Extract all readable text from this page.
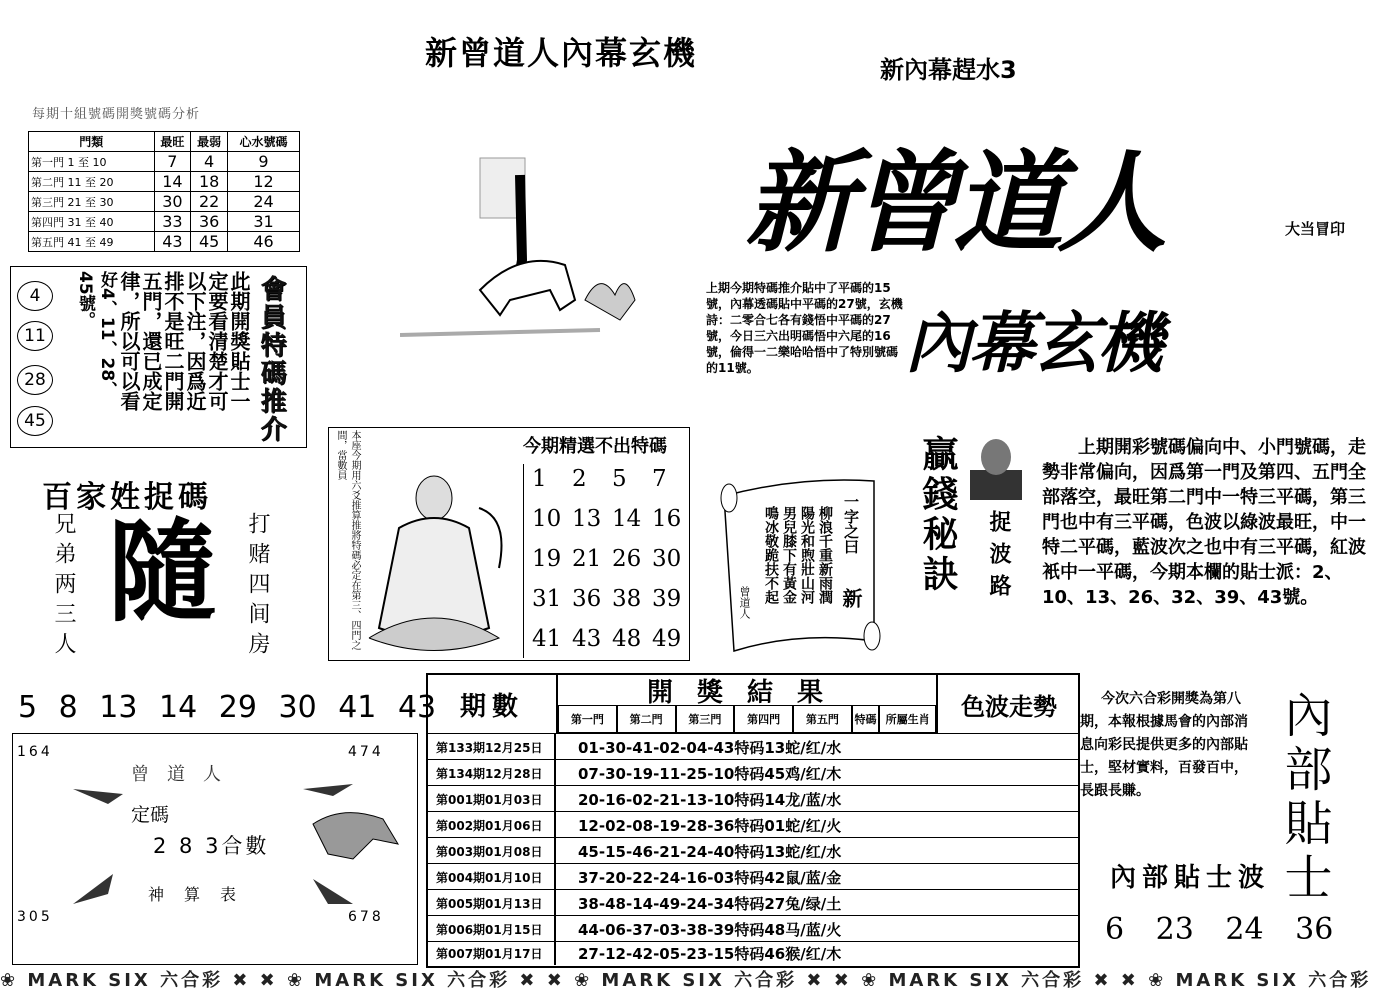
新曾道人內幕玄機	新內幕趕水3
每期十組號碼開獎號碼分析
門類	最旺	最弱	心水號碼
第一門 1 至 10	7	4	9
第二門 11 至 20	14	18	12
第三門 21 至 30	30	22	24
第四門 31 至 40	33	36	31
第五門 41 至 49	43	45	46
4
11
28
45
此期開獎貼士一
定要看清楚才可
以下注，因爲近
排不是旺二門開
五門，還已成定
律，所以可以看
好4、11、28、
45號。	會員特碼推介
百家姓捉碼
隨
兄弟两三人	打赌四间房	本座今期用六爻推算推將特碼必定在第三、四門之間，當數員	今期精選不出特碼
1 2 5 7
10 13 14 16
19 21 26 30
31 36 38 39
41 43 48 49
上期今期特碼推介貼中了平碼的15號，內幕透碼貼中平碼的27號，玄機詩：二零合七各有錢悟中平碼的27號，今日三六出明碼悟中六尾的16號，倫得一二樂哈哈悟中了特別號碼的11號。
新曾道人	大当冒印
內幕玄機
一字之曰
新
柳浪千重新雨潤
陽光和煦壯山河
男兒膝下有黃金
鳴冰敬跪扶不起
曾道人
贏錢秘訣 捉波路
上期開彩號碼偏向中、小門號碼，走勢非常偏向，因爲第一門及第四、五門全部落空，最旺第二門中一特三平碼，第三門也中有三平碼，色波以綠波最旺，中一特二平碼，藍波次之也中有三平碼，紅波衹中一平碼，今期本欄的貼士派：2、10、13、26、32、39、43號。
5 8 13 14 29 30 41 43
164	474
305	678
曾道人
定碼
2 8 3合數
神算表
期數	開獎結果
第一門	第二門	第三門	第四門	第五門	特碼 所屬生肖	色波走勢
第133期12月25日	01-30-41-02-04-43特码13蛇/红/水
第134期12月28日	07-30-19-11-25-10特码45鸡/红/木
第001期01月03日	20-16-02-21-13-10特码14龙/蓝/水
第002期01月06日	12-02-08-19-28-36特码01蛇/红/火
第003期01月08日	45-15-46-21-24-40特码13蛇/红/水
第004期01月10日	37-20-22-24-16-03特码42鼠/蓝/金
第005期01月13日	38-48-14-49-24-34特码27兔/绿/土
第006期01月15日	44-06-37-03-38-39特码48马/蓝/火
第007期01月17日	27-12-42-05-23-15特码46猴/红/木
今次六合彩開獎為第八期，本報根據馬會的內部消息向彩民提供更多的內部貼士，堅材實料，百發百中，長跟長賺。	內部貼士
內部貼士波
6 23 24 36
❀ MARK SIX 六合彩 ✖ ✖ ❀ MARK SIX 六合彩 ✖ ✖ ❀ MARK SIX 六合彩 ✖ ✖ ❀ MARK SIX 六合彩 ✖ ✖ ❀ MARK SIX 六合彩
